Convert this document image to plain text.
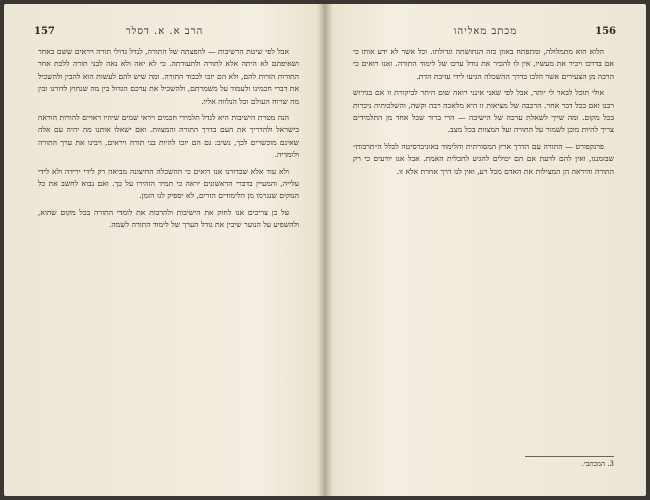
157	הרב א. א. דסלר

אבל לפי שיטת הרשיבות — להפצתה של התורה, לנדל גדולי תורה ויראים ששם באחר ושאיפתם לא היתה אלא לתורה ולתעודתה. כי לא יאה ולא נאה לבני תורה ללכת אחר התורות הזרות להם, ולא הם יזכו לכבוד התורה. ומה שיש להם לעשות הוא להבין ולהשכיל את דברי חכמינו ולעמוד על משמרתם, ולהשכיל את ערכם הגדול בין מה שנחוץ לדורנו ובין מה שרוח העולם וכל הנלווה אליו.

הנה מטרת הישיבות היא לגדל תלמידי חכמים ויראי שמים שיהיו ראויים להורות הוראה בישראל ולהדריך את העם בדרך התורה והמצוות. ואם ישאלו אותנו מה יהיה עם אלה שאינם מוכשרים לכך, נשיב: גם הם יזכו להיות בני תורה ויראים, ויבינו את ערך התורה ולומדיה.

ולא עוד אלא שבדורנו אנו רואים כי ההשכלה החיצונה מביאה רק לידי ירידה ולא לידי עלייה, והמעיין בדברי הראשונים יראה כי תמיד הזהירו על כך. ואם נבוא לחשב את כל הנזקים שנגרמו מן הלימודים הזרים, לא יספיק לנו הזמן.

על כן צריכים אנו לחזק את הישיבות ולהרבות את לומדי התורה בכל מקום שהוא, ולהשפיע על הנוער שיבין את גודל הערך של לימוד התורה לשמה.

156
מכתב מאליהו

הלוא הוא מתמלולה, ומתפתח באוזן כזה הנחושתה וגדולתו. וכל אשר לא ידע אותו כי אם בדרכו ויכיר את מעשיו, אין לו להכיר את גודל ערכו של לימוד התורה. ואנו רואים כי הרבה מן הצעירים אשר הלכו בדרך ההשכלה הגיעו לידי עזיבת הדת.

אולי תוכל לבאר לי יותר, אבל לפי שאני אינני רואה שום היתר לביקורת זו אם בגירוש רבנו ואם בכל דבר אחר. הרכבה של מציאות זו היא מלאכה רבה וקשה, והשלכותיה ניכרות בכל מקום. ומה שייך לשאלת ערכה של הישיבה — הרי ברור שכל אחד מן התלמידים צריך להיות מוכן לשמור על התורה ועל המצוות בכל מצב.

פרנקפורט — התורה עם הדרך ארץ המסורתית והלימוד באוניברסיטה לכלל ה״תרבות״ שבזמננו, ואין להם לדעת אם הם יכולים להגיע לתכלית האמת. אבל אנו יודעים כי רק התורה והיראה הן המצילות את האדם מכל רע, ואין לנו דרך אחרת אלא זו.

3. המכתבי.
